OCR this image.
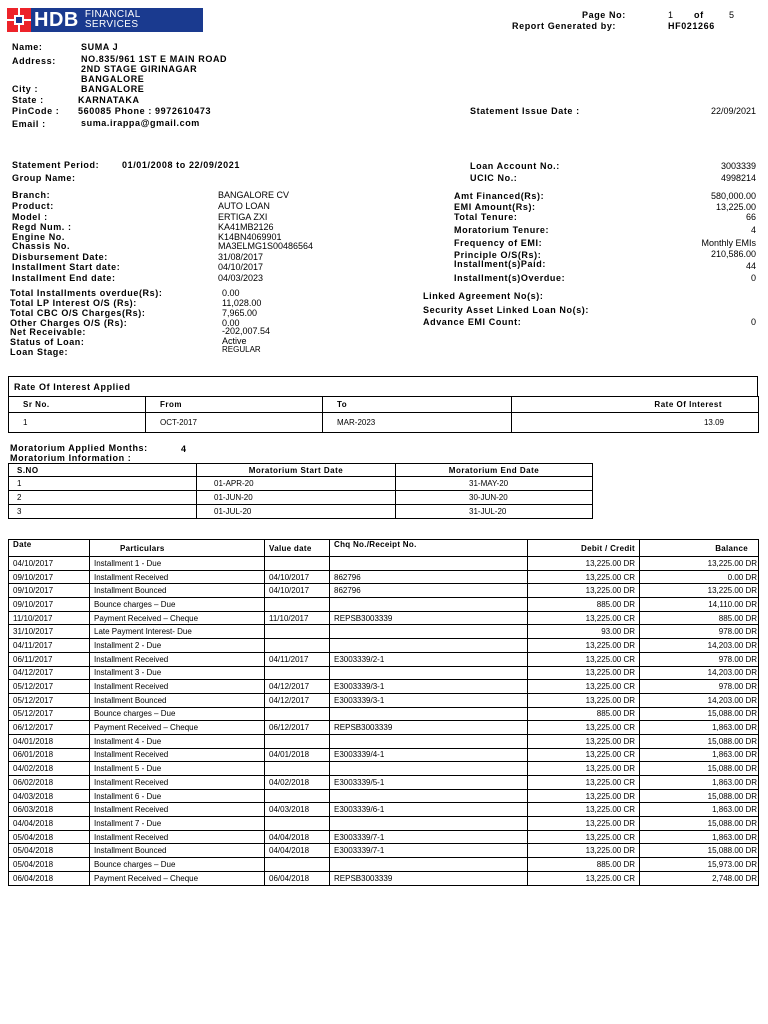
HDB FINANCIAL
SERVICES
Page No:	1 of	5
Report Generated by:	HF021266
Name:	SUMA J
Address:	NO.835/961 1ST E MAIN ROAD
2ND STAGE GIRINAGAR
BANGALORE
City :	BANGALORE
State :	KARNATAKA
PinCode : 560085 Phone : 9972610473
Email :	suma.irappa@gmail.com
Statement Issue Date :	22/09/2021
Statement Period:	01/01/2008 to 22/09/2021
Group Name:
Loan Account No.:	3003339
UCIC No.:	4998214
Branch:	BANGALORE CV
Product:	AUTO LOAN
Model :	ERTIGA ZXI
Regd Num. :	KA41MB2126
Engine No.	K14BN4069901
Chassis No.	MA3ELMG1S00486564
Disbursement Date:	31/08/2017
Installment Start date:	04/10/2017
Installment End date:	04/03/2023
Amt Financed(Rs):	580,000.00
EMI Amount(Rs):	13,225.00
Total Tenure:	66
Moratorium Tenure:	4
Frequency of EMI:	Monthly EMIs
Principle O/S(Rs):	210,586.00
Installment(s)Paid:	44
Installment(s)Overdue:	0
Total Installments overdue(Rs):	0.00
Total LP Interest O/S (Rs):	11,028.00
Total CBC O/S Charges(Rs):	7,965.00
Other Charges O/S (Rs):	0.00
Net Receivable:	-202,007.54
Status of Loan:	Active
Loan Stage:	REGULAR
Linked Agreement No(s):
Security Asset Linked Loan No(s):
Advance EMI Count:	0
Rate Of Interest Applied
Sr No.	From	To	Rate Of Interest
1	OCT-2017	MAR-2023	13.09
Moratorium Applied Months:	4
Moratorium Information :
S.NO	Moratorium Start Date	Moratorium End Date
1	01-APR-20	31-MAY-20
2	01-JUN-20	30-JUN-20
3	01-JUL-20	31-JUL-20
Date	Particulars	Value date	Chq No./Receipt No.	Debit / Credit	Balance
04/10/2017	Installment 1 - Due			13,225.00 DR	13,225.00 DR
09/10/2017	Installment Received	04/10/2017	862796	13,225.00 CR	0.00 DR
09/10/2017	Installment Bounced	04/10/2017	862796	13,225.00 DR	13,225.00 DR
09/10/2017	Bounce charges – Due			885.00 DR	14,110.00 DR
11/10/2017	Payment Received – Cheque	11/10/2017	REPSB3003339	13,225.00 CR	885.00 DR
31/10/2017	Late Payment Interest- Due			93.00 DR	978.00 DR
04/11/2017	Installment 2 - Due			13,225.00 DR	14,203.00 DR
06/11/2017	Installment Received	04/11/2017	E3003339/2-1	13,225.00 CR	978.00 DR
04/12/2017	Installment 3 - Due			13,225.00 DR	14,203.00 DR
05/12/2017	Installment Received	04/12/2017	E3003339/3-1	13,225.00 CR	978.00 DR
05/12/2017	Installment Bounced	04/12/2017	E3003339/3-1	13,225.00 DR	14,203.00 DR
05/12/2017	Bounce charges – Due			885.00 DR	15,088.00 DR
06/12/2017	Payment Received – Cheque	06/12/2017	REPSB3003339	13,225.00 CR	1,863.00 DR
04/01/2018	Installment 4 - Due			13,225.00 DR	15,088.00 DR
06/01/2018	Installment Received	04/01/2018	E3003339/4-1	13,225.00 CR	1,863.00 DR
04/02/2018	Installment 5 - Due			13,225.00 DR	15,088.00 DR
06/02/2018	Installment Received	04/02/2018	E3003339/5-1	13,225.00 CR	1,863.00 DR
04/03/2018	Installment 6 - Due			13,225.00 DR	15,088.00 DR
06/03/2018	Installment Received	04/03/2018	E3003339/6-1	13,225.00 CR	1,863.00 DR
04/04/2018	Installment 7 - Due			13,225.00 DR	15,088.00 DR
05/04/2018	Installment Received	04/04/2018	E3003339/7-1	13,225.00 CR	1,863.00 DR
05/04/2018	Installment Bounced	04/04/2018	E3003339/7-1	13,225.00 DR	15,088.00 DR
05/04/2018	Bounce charges – Due			885.00 DR	15,973.00 DR
06/04/2018	Payment Received – Cheque	06/04/2018	REPSB3003339	13,225.00 CR	2,748.00 DR
